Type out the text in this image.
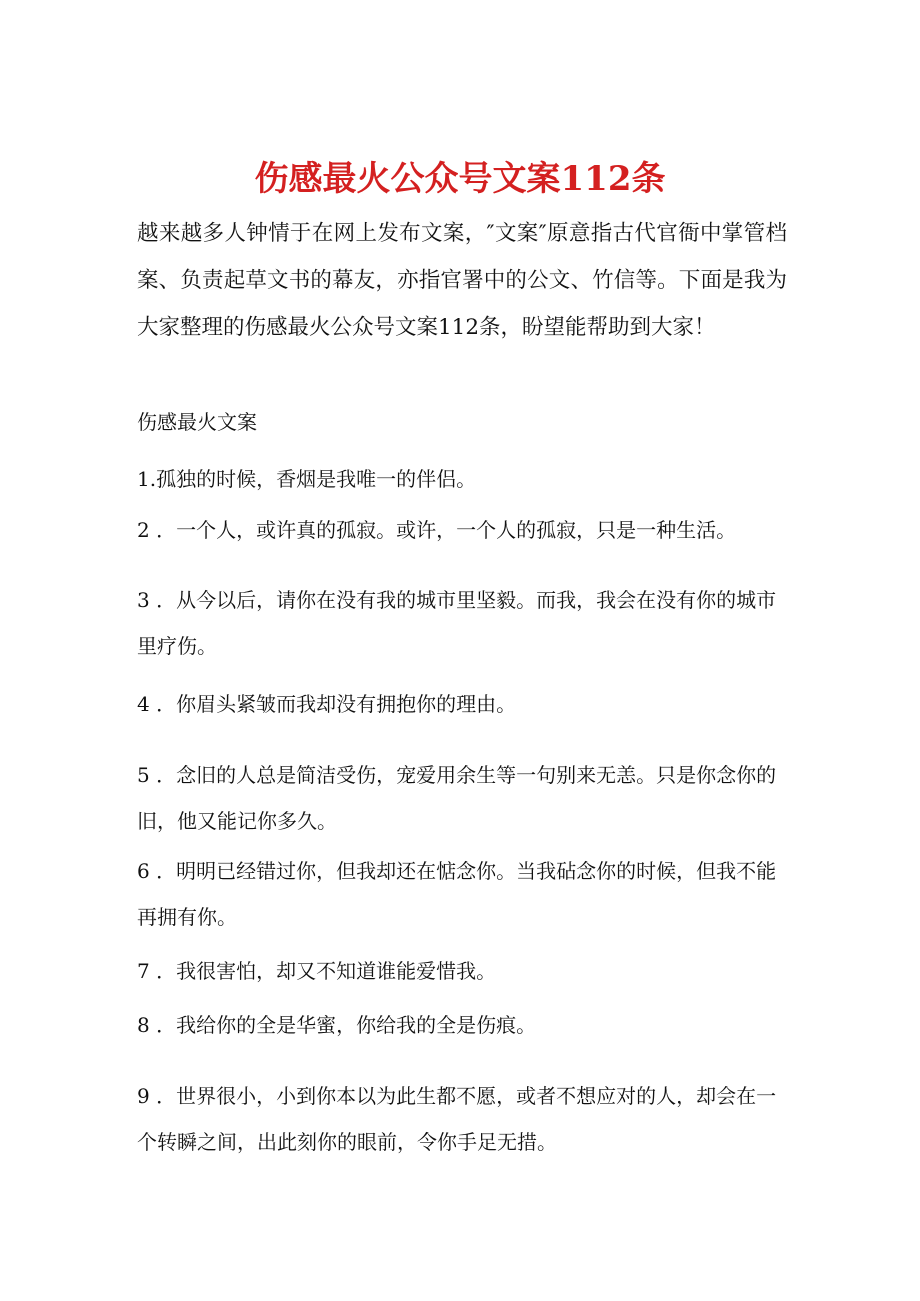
伤感最火公众号文案112条

越来越多人钟情于在网上发布文案，″文案″原意指古代官衙中掌管档案、负责起草文书的幕友，亦指官署中的公文、竹信等。下面是我为大家整理的伤感最火公众号文案112条，盼望能帮助到大家！

伤感最火文案

1.孤独的时候，香烟是我唯一的伴侣。

2 ．一个人，或许真的孤寂。或许，一个人的孤寂，只是一种生活。

3 ．从今以后，请你在没有我的城市里坚毅。而我，我会在没有你的城市里疗伤。

4 ．你眉头紧皱而我却没有拥抱你的理由。

5 ．念旧的人总是简洁受伤，宠爱用余生等一句别来无恙。只是你念你的旧，他又能记你多久。

6 ．明明已经错过你，但我却还在惦念你。当我砧念你的时候，但我不能再拥有你。

7 ．我很害怕，却又不知道谁能爱惜我。

8 ．我给你的全是华蜜，你给我的全是伤痕。

9 ．世界很小，小到你本以为此生都不愿，或者不想应对的人，却会在一个转瞬之间，出此刻你的眼前，令你手足无措。
